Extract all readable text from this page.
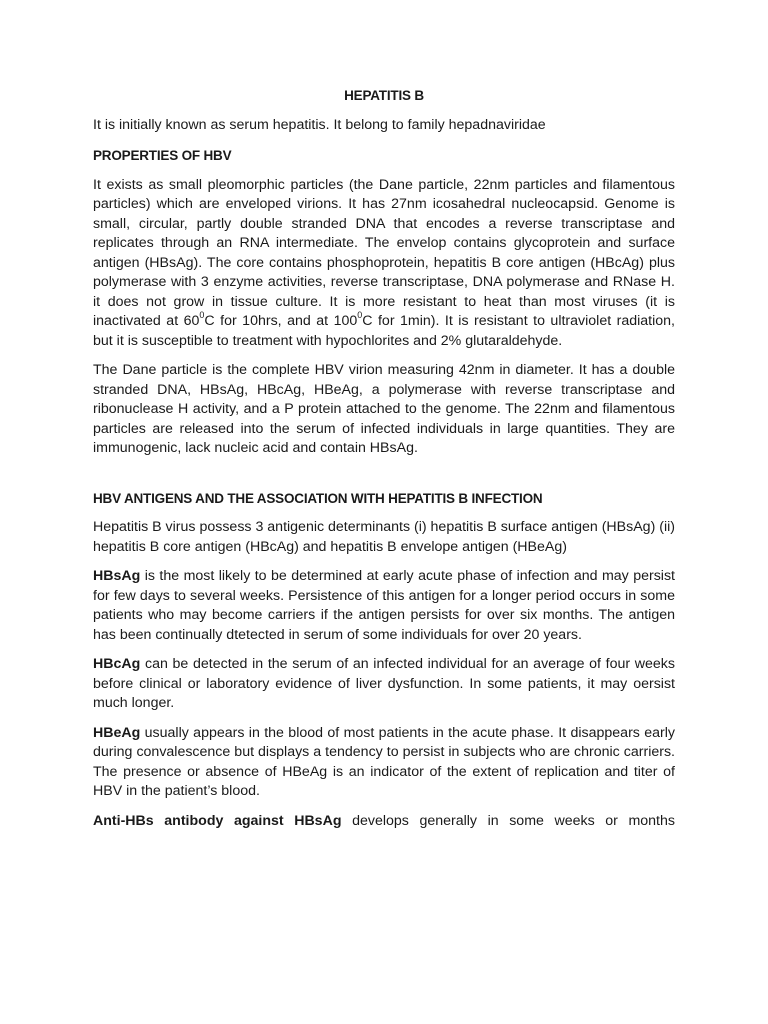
HEPATITIS B

It is initially known as serum hepatitis. It belong to family hepadnaviridae

PROPERTIES OF HBV

It exists as small pleomorphic particles (the Dane particle, 22nm particles and filamentous particles) which are enveloped virions. It has 27nm icosahedral nucleocapsid. Genome is small, circular, partly double stranded DNA that encodes a reverse transcriptase and replicates through an RNA intermediate. The envelop contains glycoprotein and surface antigen (HBsAg). The core contains phosphoprotein, hepatitis B core antigen (HBcAg) plus polymerase with 3 enzyme activities, reverse transcriptase, DNA polymerase and RNase H. it does not grow in tissue culture. It is more resistant to heat than most viruses (it is inactivated at $60^0C$ for 10hrs, and at $100^0C$ for 1min). It is resistant to ultraviolet radiation, but it is susceptible to treatment with hypochlorites and 2% glutaraldehyde.

The Dane particle is the complete HBV virion measuring 42nm in diameter. It has a double stranded DNA, HBsAg, HBcAg, HBeAg, a polymerase with reverse transcriptase and ribonuclease H activity, and a P protein attached to the genome. The 22nm and filamentous particles are released into the serum of infected individuals in large quantities. They are immunogenic, lack nucleic acid and contain HBsAg.

HBV ANTIGENS AND THE ASSOCIATION WITH HEPATITIS B INFECTION

Hepatitis B virus possess 3 antigenic determinants (i) hepatitis B surface antigen (HBsAg) (ii) hepatitis B core antigen (HBcAg) and hepatitis B envelope antigen (HBeAg)

HBsAg is the most likely to be determined at early acute phase of infection and may persist for few days to several weeks. Persistence of this antigen for a longer period occurs in some patients who may become carriers if the antigen persists for over six months. The antigen has been continually dtetected in serum of some individuals for over 20 years.

HBcAg can be detected in the serum of an infected individual for an average of four weeks before clinical or laboratory evidence of liver dysfunction. In some patients, it may oersist much longer.

HBeAg usually appears in the blood of most patients in the acute phase. It disappears early during convalescence but displays a tendency to persist in subjects who are chronic carriers. The presence or absence of HBeAg is an indicator of the extent of replication and titer of HBV in the patient’s blood.

Anti-HBs antibody against HBsAg develops generally in some weeks or months
